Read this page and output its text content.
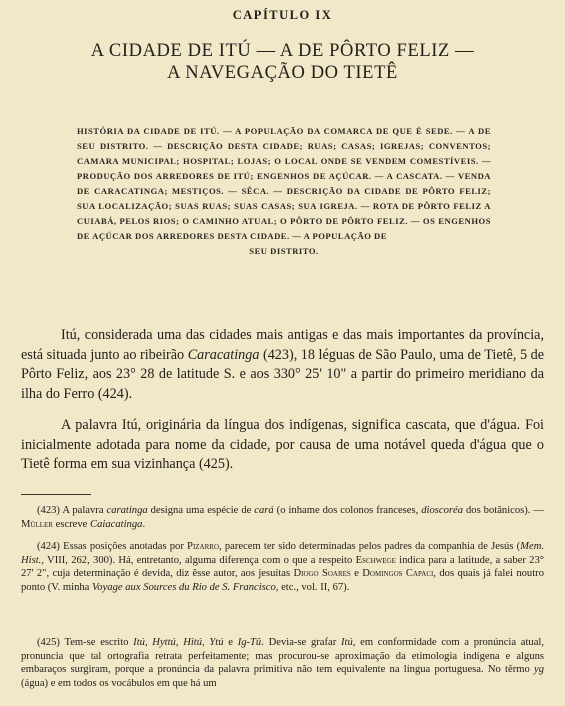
CAPÍTULO IX
A CIDADE DE ITÚ — A DE PÔRTO FELIZ —
A NAVEGAÇÃO DO TIETÊ
HISTÓRIA DA CIDADE DE ITÚ. — A POPULAÇÃO DA COMARCA DE QUE É SEDE. — A DE SEU DISTRITO. — DESCRIÇÃO DESTA CIDADE; RUAS; CASAS; IGREJAS; CONVENTOS; CAMARA MUNICIPAL; HOSPITAL; LOJAS; O LOCAL ONDE SE VENDEM COMESTÍVEIS. — PRODUÇÃO DOS ARREDORES DE ITÚ; ENGENHOS DE AÇÚCAR. — A CASCATA. — VENDA DE CARACATINGA; MESTIÇOS. — SÊCA. — DESCRIÇÃO DA CIDADE DE PÔRTO FELIZ; SUA LOCALIZAÇÃO; SUAS RUAS; SUAS CASAS; SUA IGREJA. — ROTA DE PÔRTO FELIZ A CUIABÁ, PELOS RIOS; O CAMINHO ATUAL; O PÔRTO DE PÔRTO FELIZ. — OS ENGENHOS DE AÇÚCAR DOS ARREDORES DESTA CIDADE. — A POPULAÇÃO DE
SEU DISTRITO.

Itú, considerada uma das cidades mais antigas e das mais importantes da província, está situada junto ao ribeirão Caracatinga (423), 18 léguas de São Paulo, uma de Tietê, 5 de Pôrto Feliz, aos 23° 28 de latitude S. e aos 330° 25' 10" a partir do primeiro meridiano da ilha do Ferro (424).

A palavra Itú, originária da língua dos indígenas, significa cascata, que d'água. Foi inicialmente adotada para nome da cidade, por causa de uma notável queda d'água que o Tietê forma em sua vizinhança (425).

(423) A palavra caratinga designa uma espécie de cará (o inhame dos colonos franceses, dioscoréa dos botânicos). — Müller escreve Caiacatinga.

(424) Essas posições anotadas por Pizarro, parecem ter sido determinadas pelos padres da companhia de Jesús (Mem. Hist., VIII, 262, 300). Há, entretanto, alguma diferença com o que a respeito Eschwege indica para a latitude, a saber 23° 27' 2", cuja determinação é devida, diz êsse autor, aos jesuítas Diogo Soares e Domingos Capaci, dos quais já falei noutro ponto (V. minha Voyage aux Sources du Rio de S. Francisco, etc., vol. II, 67).

(425) Tem-se escrito Itú, Hyttú, Hitú, Ytú e Ig-Tû. Devia-se grafar Itú, em conformidade com a pronúncia atual, pronuncia que tal ortografia retrata perfeitamente; mas procurou-se aproximação da etimologia indígena e alguns embaraços surgiram, porque a pronúncia da palavra primitiva não tem equivalente na língua portuguesa. No têrmo yg (água) e em todos os vocábulos em que há um
